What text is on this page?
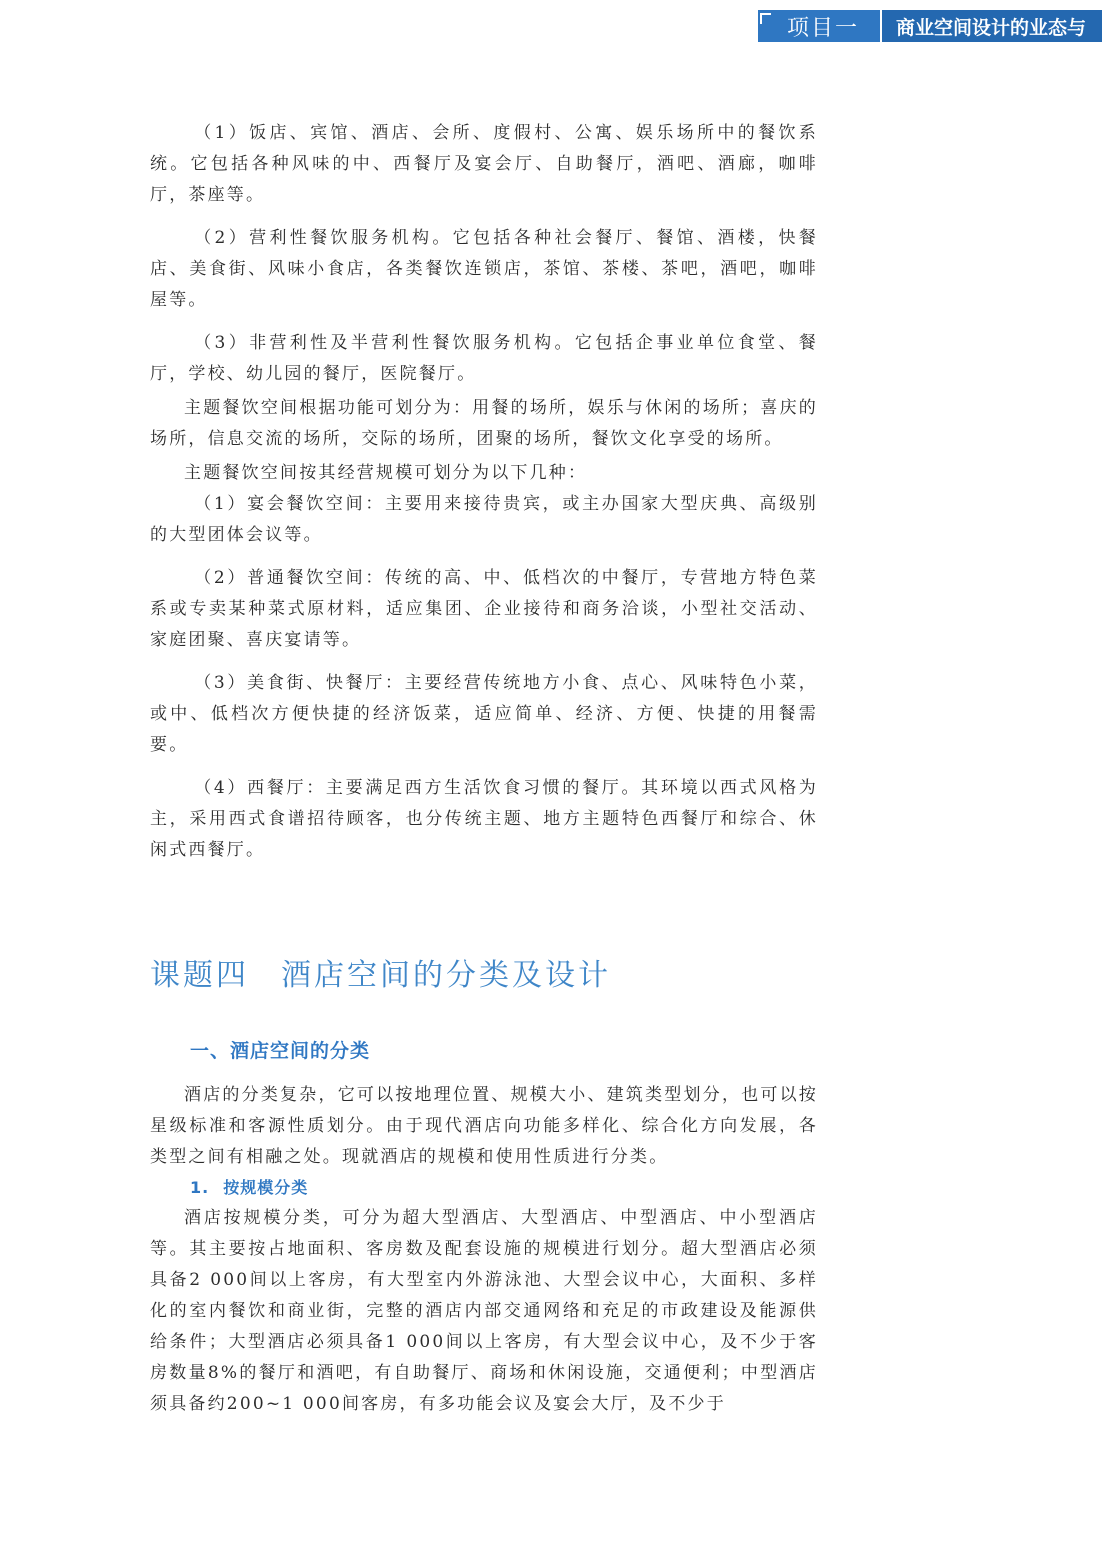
项目一 商业空间设计的业态与

（1）饭店、宾馆、酒店、会所、度假村、公寓、娱乐场所中的餐饮系统。它包括各种风味的中、西餐厅及宴会厅、自助餐厅，酒吧、酒廊，咖啡厅，茶座等。

（2）营利性餐饮服务机构。它包括各种社会餐厅、餐馆、酒楼，快餐店、美食街、风味小食店，各类餐饮连锁店，茶馆、茶楼、茶吧，酒吧，咖啡屋等。

（3）非营利性及半营利性餐饮服务机构。它包括企事业单位食堂、餐厅，学校、幼儿园的餐厅，医院餐厅。

主题餐饮空间根据功能可划分为：用餐的场所，娱乐与休闲的场所；喜庆的场所，信息交流的场所，交际的场所，团聚的场所，餐饮文化享受的场所。

主题餐饮空间按其经营规模可划分为以下几种：

（1）宴会餐饮空间：主要用来接待贵宾，或主办国家大型庆典、高级别的大型团体会议等。

（2）普通餐饮空间：传统的高、中、低档次的中餐厅，专营地方特色菜系或专卖某种菜式原材料，适应集团、企业接待和商务洽谈，小型社交活动、家庭团聚、喜庆宴请等。

（3）美食街、快餐厅：主要经营传统地方小食、点心、风味特色小菜，或中、低档次方便快捷的经济饭菜，适应简单、经济、方便、快捷的用餐需要。

（4）西餐厅：主要满足西方生活饮食习惯的餐厅。其环境以西式风格为主，采用西式食谱招待顾客，也分传统主题、地方主题特色西餐厅和综合、休闲式西餐厅。

课题四 酒店空间的分类及设计
一、酒店空间的分类

酒店的分类复杂，它可以按地理位置、规模大小、建筑类型划分，也可以按星级标准和客源性质划分。由于现代酒店向功能多样化、综合化方向发展，各类型之间有相融之处。现就酒店的规模和使用性质进行分类。

1. 按规模分类

酒店按规模分类，可分为超大型酒店、大型酒店、中型酒店、中小型酒店等。其主要按占地面积、客房数及配套设施的规模进行划分。超大型酒店必须具备2 000间以上客房，有大型室内外游泳池、大型会议中心，大面积、多样化的室内餐饮和商业街，完整的酒店内部交通网络和充足的市政建设及能源供给条件；大型酒店必须具备1 000间以上客房，有大型会议中心，及不少于客房数量8%的餐厅和酒吧，有自助餐厅、商场和休闲设施，交通便利；中型酒店须具备约200~1 000间客房，有多功能会议及宴会大厅，及不少于
